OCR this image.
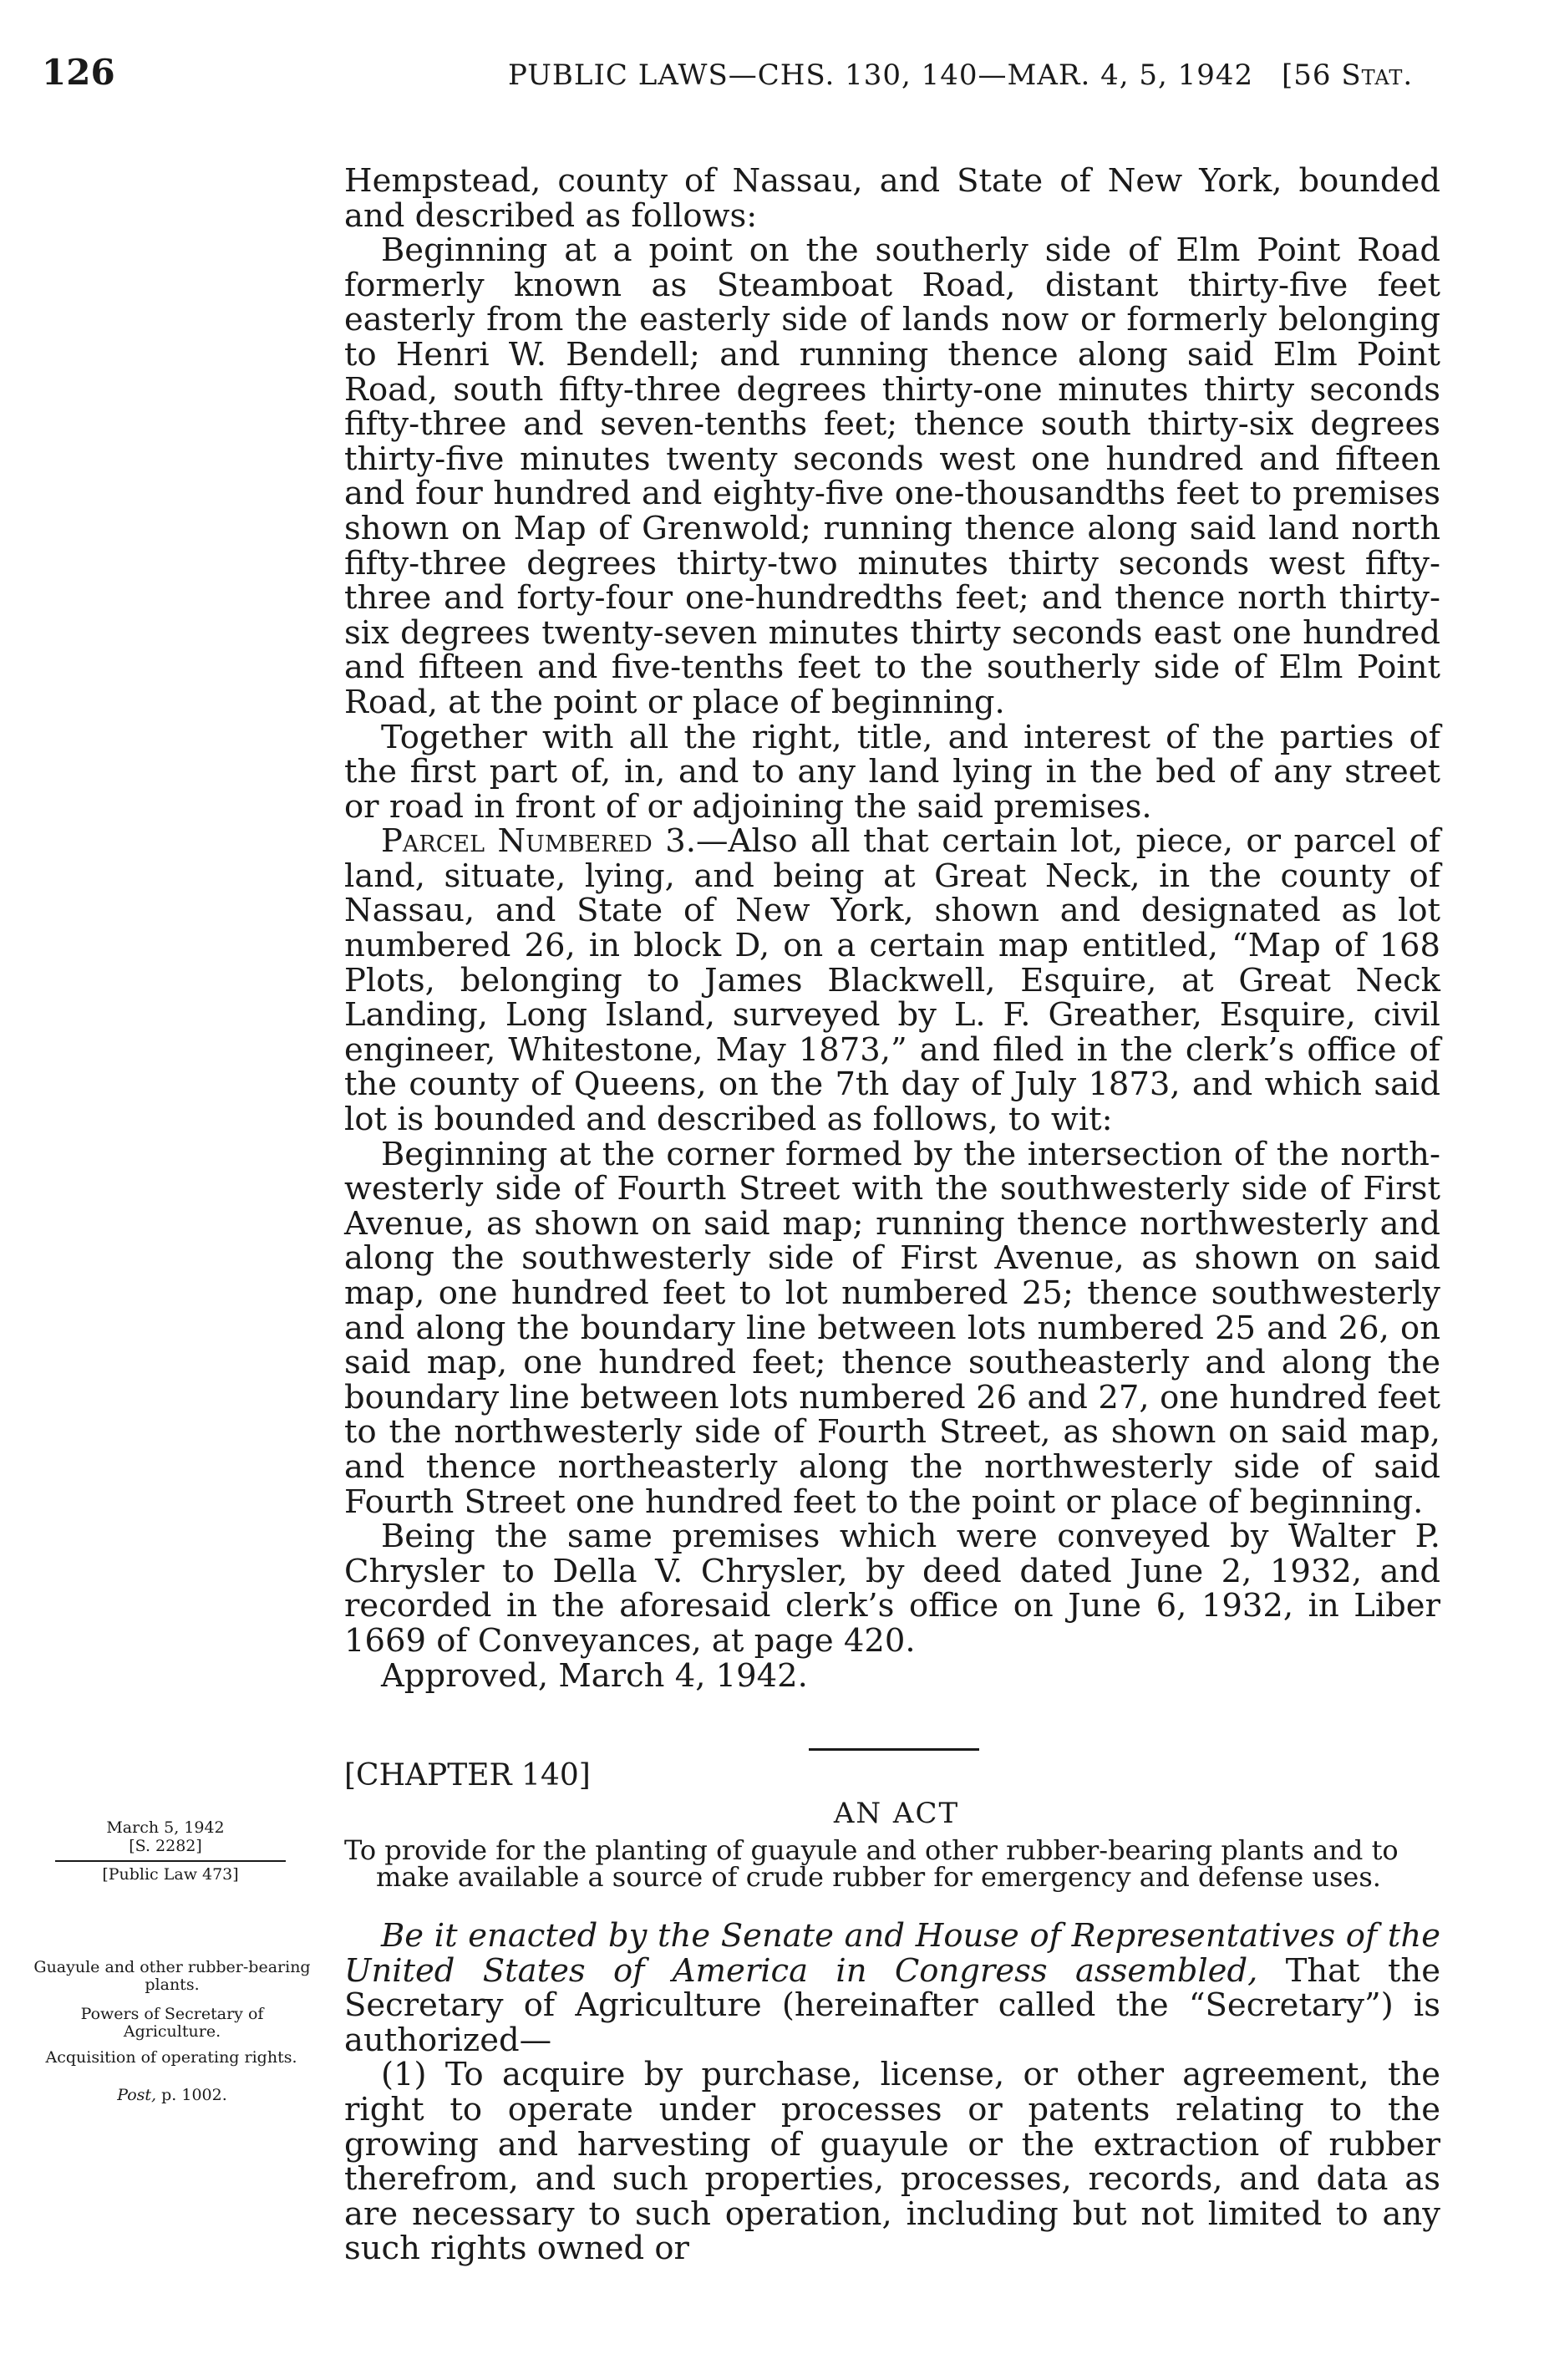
126	PUBLIC LAWS—CHS. 130, 140—MAR. 4, 5, 1942 [56 Stat.

Hempstead, county of Nassau, and State of New York, bounded and described as follows:

Beginning at a point on the southerly side of Elm Point Road formerly known as Steamboat Road, distant thirty-five feet easterly from the easterly side of lands now or formerly belonging to Henri W. Bendell; and running thence along said Elm Point Road, south fifty-three degrees thirty-one minutes thirty seconds fifty-three and seven-tenths feet; thence south thirty-six degrees thirty-five minutes twenty seconds west one hundred and fifteen and four hundred and eighty-five one-thousandths feet to premises shown on Map of Grenwold; running thence along said land north fifty-three degrees thirty-two minutes thirty seconds west fifty-three and forty-four one-hundredths feet; and thence north thirty-six degrees twenty-seven minutes thirty seconds east one hundred and fifteen and five-tenths feet to the southerly side of Elm Point Road, at the point or place of beginning.

Together with all the right, title, and interest of the parties of the first part of, in, and to any land lying in the bed of any street or road in front of or adjoining the said premises.

Parcel Numbered 3.—Also all that certain lot, piece, or parcel of land, situate, lying, and being at Great Neck, in the county of Nassau, and State of New York, shown and designated as lot numbered 26, in block D, on a certain map entitled, “Map of 168 Plots, belonging to James Blackwell, Esquire, at Great Neck Landing, Long Island, surveyed by L. F. Greather, Esquire, civil engineer, Whitestone, May 1873,” and filed in the clerk’s office of the county of Queens, on the 7th day of July 1873, and which said lot is bounded and described as follows, to wit:

Beginning at the corner formed by the intersection of the northwesterly side of Fourth Street with the southwesterly side of First Avenue, as shown on said map; running thence northwesterly and along the southwesterly side of First Avenue, as shown on said map, one hundred feet to lot numbered 25; thence southwesterly and along the boundary line between lots numbered 25 and 26, on said map, one hundred feet; thence southeasterly and along the boundary line between lots numbered 26 and 27, one hundred feet to the northwesterly side of Fourth Street, as shown on said map, and thence northeasterly along the northwesterly side of said Fourth Street one hundred feet to the point or place of beginning.

Being the same premises which were conveyed by Walter P. Chrysler to Della V. Chrysler, by deed dated June 2, 1932, and recorded in the aforesaid clerk’s office on June 6, 1932, in Liber 1669 of Conveyances, at page 420.

Approved, March 4, 1942.

[CHAPTER 140]
AN ACT
To provide for the planting of guayule and other rubber-bearing plants and to
make available a source of crude rubber for emergency and defense uses.

Be it enacted by the Senate and House of Representatives of the United States of America in Congress assembled, That the Secretary of Agriculture (hereinafter called the “Secretary”) is authorized—

(1) To acquire by purchase, license, or other agreement, the right to operate under processes or patents relating to the growing and harvesting of guayule or the extraction of rubber therefrom, and such properties, processes, records, and data as are necessary to such operation, including but not limited to any such rights owned or

March 5, 1942
[S. 2282]
[Public Law 473]
Guayule and other rubber-bearing plants.
Powers of Secretary of Agriculture.
Acquisition of operating rights.
Post, p. 1002.
